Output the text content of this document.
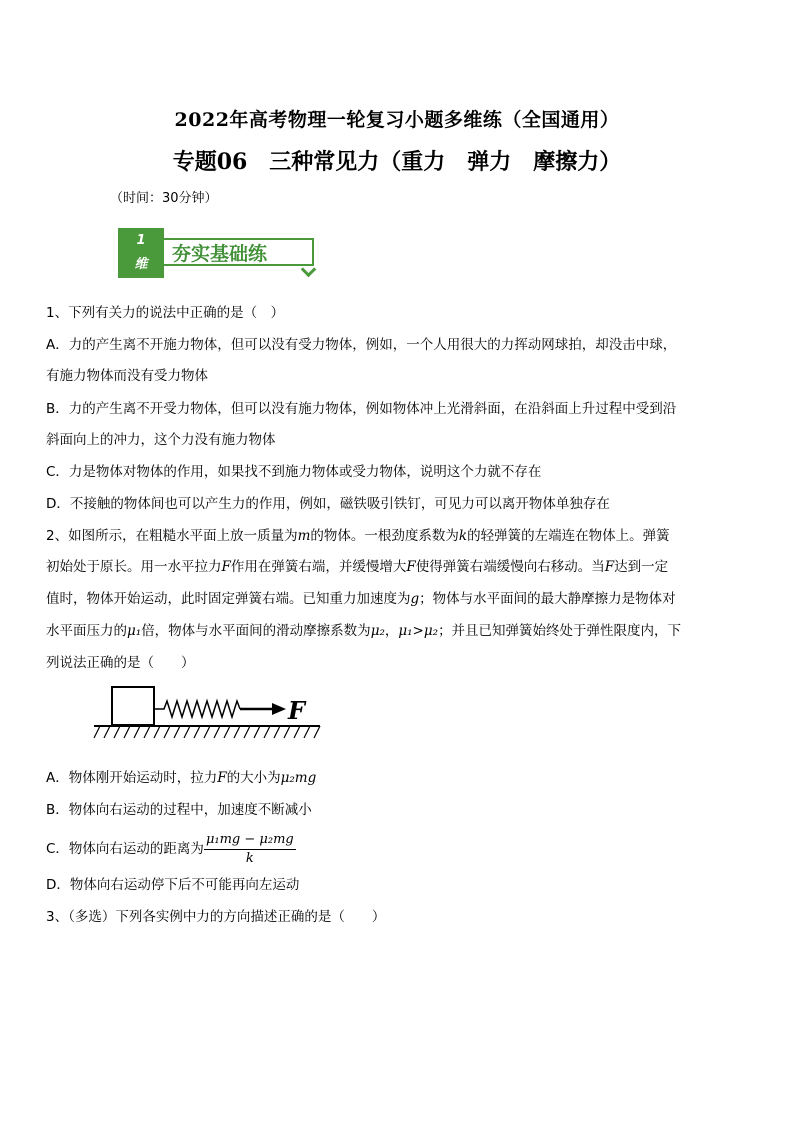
2022年高考物理一轮复习小题多维练（全国通用）
专题06　三种常见力（重力　弹力　摩擦力）
（时间：30分钟）
1
维	夯实基础练
1、下列有关力的说法中正确的是（　）
A．力的产生离不开施力物体，但可以没有受力物体，例如，一个人用很大的力挥动网球拍，却没击中球，
有施力物体而没有受力物体
B．力的产生离不开受力物体，但可以没有施力物体，例如物体冲上光滑斜面，在沿斜面上升过程中受到沿
斜面向上的冲力，这个力没有施力物体
C．力是物体对物体的作用，如果找不到施力物体或受力物体，说明这个力就不存在
D．不接触的物体间也可以产生力的作用，例如，磁铁吸引铁钉，可见力可以离开物体单独存在
2、如图所示，在粗糙水平面上放一质量为m的物体。一根劲度系数为k的轻弹簧的左端连在物体上。弹簧
初始处于原长。用一水平拉力F作用在弹簧右端，并缓慢增大F使得弹簧右端缓慢向右移动。当F达到一定
值时，物体开始运动，此时固定弹簧右端。已知重力加速度为g；物体与水平面间的最大静摩擦力是物体对
水平面压力的μ₁倍，物体与水平面间的滑动摩擦系数为μ₂，μ₁>μ₂；并且已知弹簧始终处于弹性限度内，下
列说法正确的是（　　）
F
A．物体刚开始运动时，拉力F的大小为μ₂mg
B．物体向右运动的过程中，加速度不断减小
C．物体向右运动的距离为 $\frac{\text{μ₁mg − μ₂mg}}{k}$
D．物体向右运动停下后不可能再向左运动
3、（多选）下列各实例中力的方向描述正确的是（　　）
